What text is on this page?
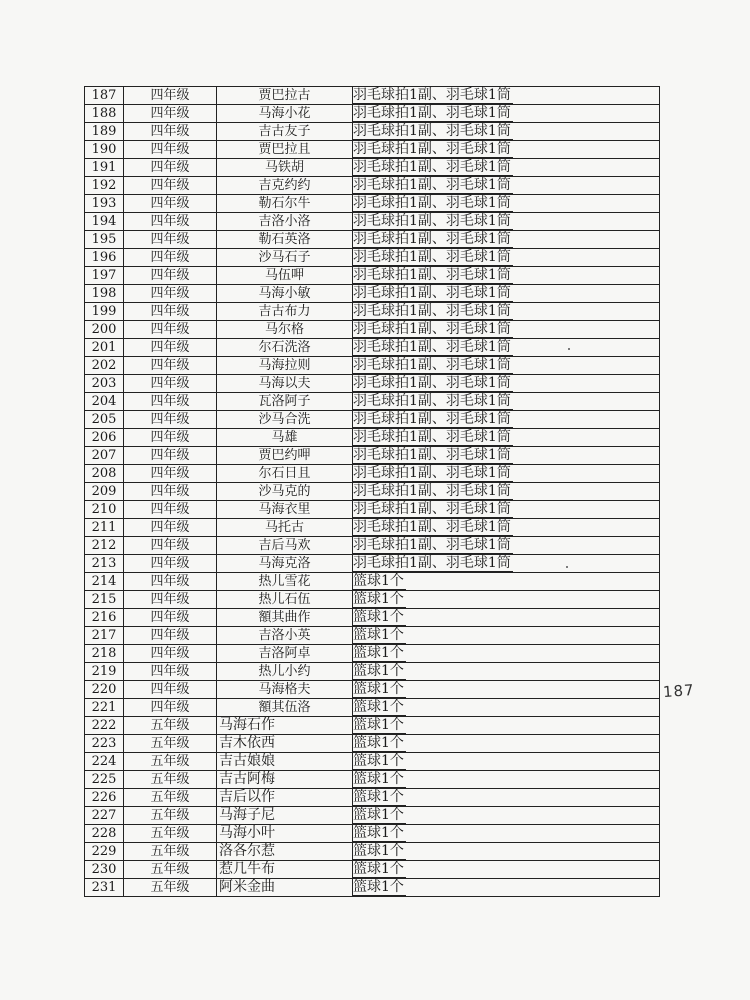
187	四年级	贾巴拉古	羽毛球拍1副、羽毛球1筒
188	四年级	马海小花	羽毛球拍1副、羽毛球1筒
189	四年级	吉古友子	羽毛球拍1副、羽毛球1筒
190	四年级	贾巴拉且	羽毛球拍1副、羽毛球1筒
191	四年级	马铁胡	羽毛球拍1副、羽毛球1筒
192	四年级	吉克约约	羽毛球拍1副、羽毛球1筒
193	四年级	勒石尔牛	羽毛球拍1副、羽毛球1筒
194	四年级	吉洛小洛	羽毛球拍1副、羽毛球1筒
195	四年级	勒石英洛	羽毛球拍1副、羽毛球1筒
196	四年级	沙马石子	羽毛球拍1副、羽毛球1筒
197	四年级	马伍呷	羽毛球拍1副、羽毛球1筒
198	四年级	马海小敏	羽毛球拍1副、羽毛球1筒
199	四年级	吉古布力	羽毛球拍1副、羽毛球1筒
200	四年级	马尔格	羽毛球拍1副、羽毛球1筒
201	四年级	尔石洗洛	羽毛球拍1副、羽毛球1筒
202	四年级	马海拉则	羽毛球拍1副、羽毛球1筒
203	四年级	马海以夫	羽毛球拍1副、羽毛球1筒
204	四年级	瓦洛阿子	羽毛球拍1副、羽毛球1筒
205	四年级	沙马合洗	羽毛球拍1副、羽毛球1筒
206	四年级	马雄	羽毛球拍1副、羽毛球1筒
207	四年级	贾巴约呷	羽毛球拍1副、羽毛球1筒
208	四年级	尔石日且	羽毛球拍1副、羽毛球1筒
209	四年级	沙马克的	羽毛球拍1副、羽毛球1筒
210	四年级	马海衣里	羽毛球拍1副、羽毛球1筒
211	四年级	马托古	羽毛球拍1副、羽毛球1筒
212	四年级	吉后马欢	羽毛球拍1副、羽毛球1筒
213	四年级	马海克洛	羽毛球拍1副、羽毛球1筒
214	四年级	热儿雪花	篮球1个
215	四年级	热儿石伍	篮球1个
216	四年级	額其曲作	篮球1个
217	四年级	吉洛小英	篮球1个
218	四年级	吉洛阿卓	篮球1个
219	四年级	热儿小约	篮球1个
220	四年级	马海格夫	篮球1个
221	四年级	額其伍洛	篮球1个
222	五年级	马海石作	篮球1个
223	五年级	吉木依西	篮球1个
224	五年级	吉古娘娘	篮球1个
225	五年级	吉古阿梅	篮球1个
226	五年级	吉后以作	篮球1个
227	五年级	马海子尼	篮球1个
228	五年级	马海小叶	篮球1个
229	五年级	洛各尔惹	篮球1个
230	五年级	惹几牛布	篮球1个
231	五年级	阿米金曲	篮球1个
187
